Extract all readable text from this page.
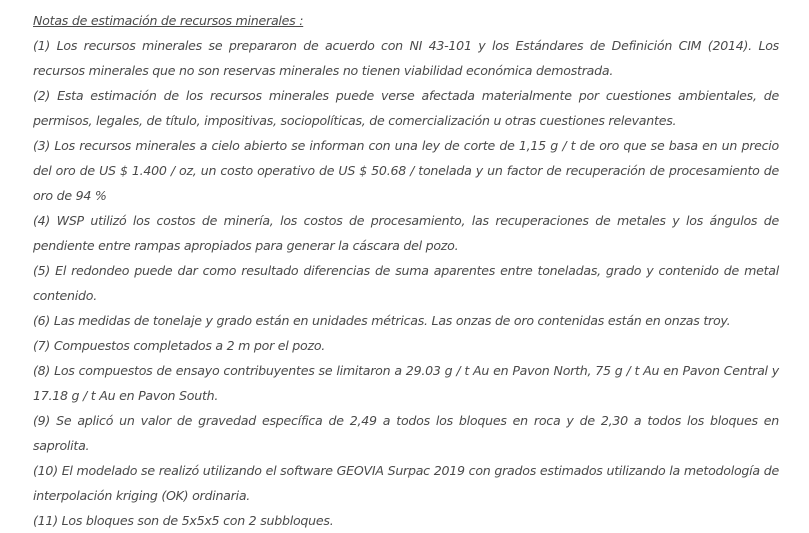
Notas de estimación de recursos minerales :

(1) Los recursos minerales se prepararon de acuerdo con NI 43-101 y los Estándares de Definición CIM (2014). Los recursos minerales que no son reservas minerales no tienen viabilidad económica demostrada.

(2) Esta estimación de los recursos minerales puede verse afectada materialmente por cuestiones ambientales, de permisos, legales, de título, impositivas, sociopolíticas, de comercialización u otras cuestiones relevantes.

(3) Los recursos minerales a cielo abierto se informan con una ley de corte de 1,15 g / t de oro que se basa en un precio del oro de US $ 1.400 / oz, un costo operativo de US $ 50.68 / tonelada y un factor de recuperación de procesamiento de oro de 94 %

(4) WSP utilizó los costos de minería, los costos de procesamiento, las recuperaciones de metales y los ángulos de pendiente entre rampas apropiados para generar la cáscara del pozo.

(5) El redondeo puede dar como resultado diferencias de suma aparentes entre toneladas, grado y contenido de metal contenido.

(6) Las medidas de tonelaje y grado están en unidades métricas. Las onzas de oro contenidas están en onzas troy.

(7) Compuestos completados a 2 m por el pozo.

(8) Los compuestos de ensayo contribuyentes se limitaron a 29.03 g / t Au en Pavon North, 75 g / t Au en Pavon Central y 17.18 g / t Au en Pavon South.

(9) Se aplicó un valor de gravedad específica de 2,49 a todos los bloques en roca y de 2,30 a todos los bloques en saprolita.

(10) El modelado se realizó utilizando el software GEOVIA Surpac 2019 con grados estimados utilizando la metodología de interpolación kriging (OK) ordinaria.

(11) Los bloques son de 5x5x5 con 2 subbloques.
